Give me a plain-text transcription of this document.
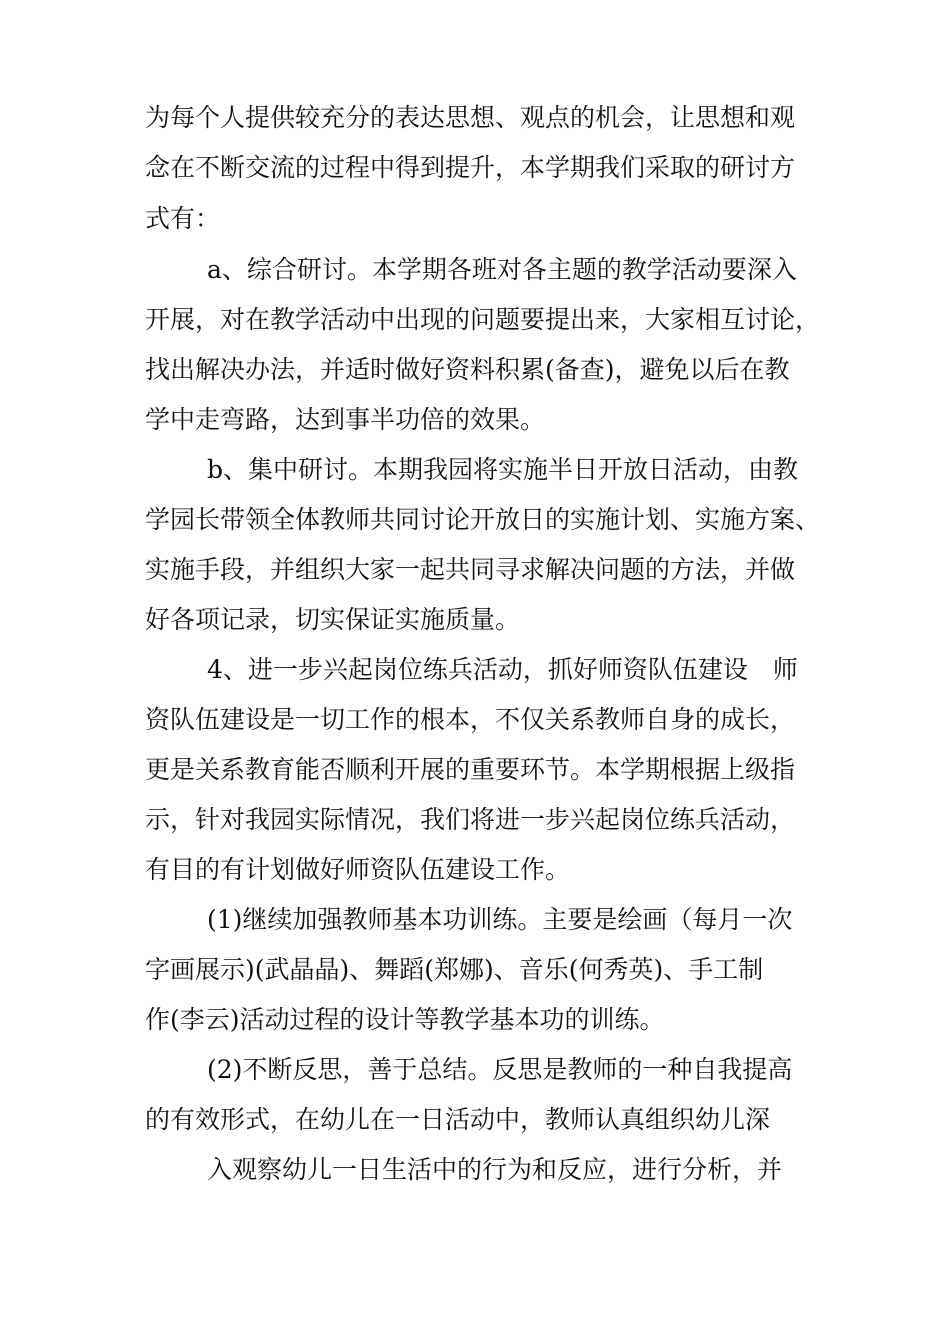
为每个人提供较充分的表达思想、观点的机会，让思想和观
念在不断交流的过程中得到提升，本学期我们采取的研讨方
式有：
a、综合研讨。本学期各班对各主题的教学活动要深入
开展，对在教学活动中出现的问题要提出来，大家相互讨论，
找出解决办法，并适时做好资料积累(备查)，避免以后在教
学中走弯路，达到事半功倍的效果。
b、集中研讨。本期我园将实施半日开放日活动，由教
学园长带领全体教师共同讨论开放日的实施计划、实施方案、
实施手段，并组织大家一起共同寻求解决问题的方法，并做
好各项记录，切实保证实施质量。
4、进一步兴起岗位练兵活动，抓好师资队伍建设　师
资队伍建设是一切工作的根本，不仅关系教师自身的成长，
更是关系教育能否顺利开展的重要环节。本学期根据上级指
示，针对我园实际情况，我们将进一步兴起岗位练兵活动，
有目的有计划做好师资队伍建设工作。
(1)继续加强教师基本功训练。主要是绘画（每月一次
字画展示)(武晶晶)、舞蹈(郑娜)、音乐(何秀英)、手工制
作(李云)活动过程的设计等教学基本功的训练。
(2)不断反思，善于总结。反思是教师的一种自我提高
的有效形式，在幼儿在一日活动中，教师认真组织幼儿深
入观察幼儿一日生活中的行为和反应，进行分析，并
